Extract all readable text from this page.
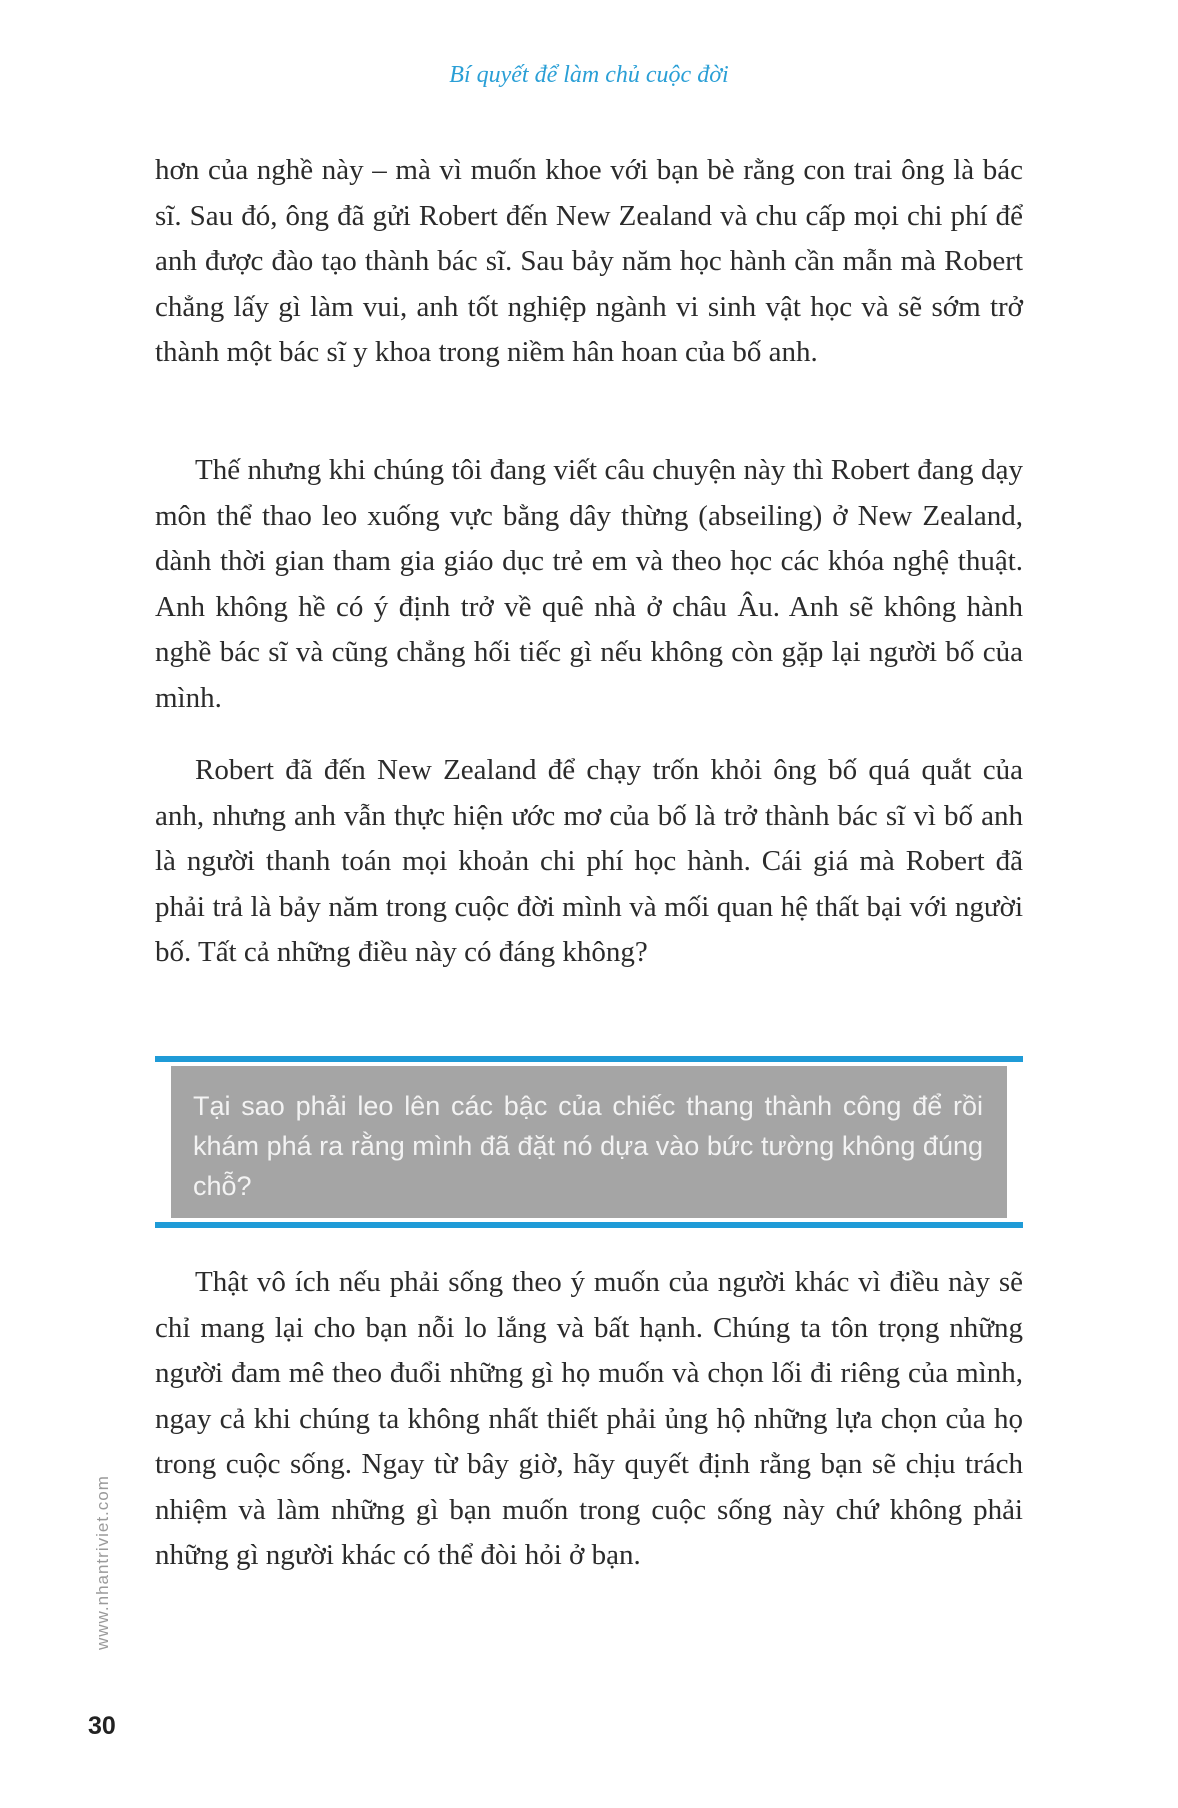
Bí quyết để làm chủ cuộc đời

hơn của nghề này – mà vì muốn khoe với bạn bè rằng con trai ông là bác sĩ. Sau đó, ông đã gửi Robert đến New Zealand và chu cấp mọi chi phí để anh được đào tạo thành bác sĩ. Sau bảy năm học hành cần mẫn mà Robert chẳng lấy gì làm vui, anh tốt nghiệp ngành vi sinh vật học và sẽ sớm trở thành một bác sĩ y khoa trong niềm hân hoan của bố anh.

Thế nhưng khi chúng tôi đang viết câu chuyện này thì Robert đang dạy môn thể thao leo xuống vực bằng dây thừng (abseiling) ở New Zealand, dành thời gian tham gia giáo dục trẻ em và theo học các khóa nghệ thuật. Anh không hề có ý định trở về quê nhà ở châu Âu. Anh sẽ không hành nghề bác sĩ và cũng chẳng hối tiếc gì nếu không còn gặp lại người bố của mình.

Robert đã đến New Zealand để chạy trốn khỏi ông bố quá quắt của anh, nhưng anh vẫn thực hiện ước mơ của bố là trở thành bác sĩ vì bố anh là người thanh toán mọi khoản chi phí học hành. Cái giá mà Robert đã phải trả là bảy năm trong cuộc đời mình và mối quan hệ thất bại với người bố. Tất cả những điều này có đáng không?

Tại sao phải leo lên các bậc của chiếc thang thành công để rồi khám phá ra rằng mình đã đặt nó dựa vào bức tường không đúng chỗ?

Thật vô ích nếu phải sống theo ý muốn của người khác vì điều này sẽ chỉ mang lại cho bạn nỗi lo lắng và bất hạnh. Chúng ta tôn trọng những người đam mê theo đuổi những gì họ muốn và chọn lối đi riêng của mình, ngay cả khi chúng ta không nhất thiết phải ủng hộ những lựa chọn của họ trong cuộc sống. Ngay từ bây giờ, hãy quyết định rằng bạn sẽ chịu trách nhiệm và làm những gì bạn muốn trong cuộc sống này chứ không phải những gì người khác có thể đòi hỏi ở bạn.

www.nhantriviet.com
30
